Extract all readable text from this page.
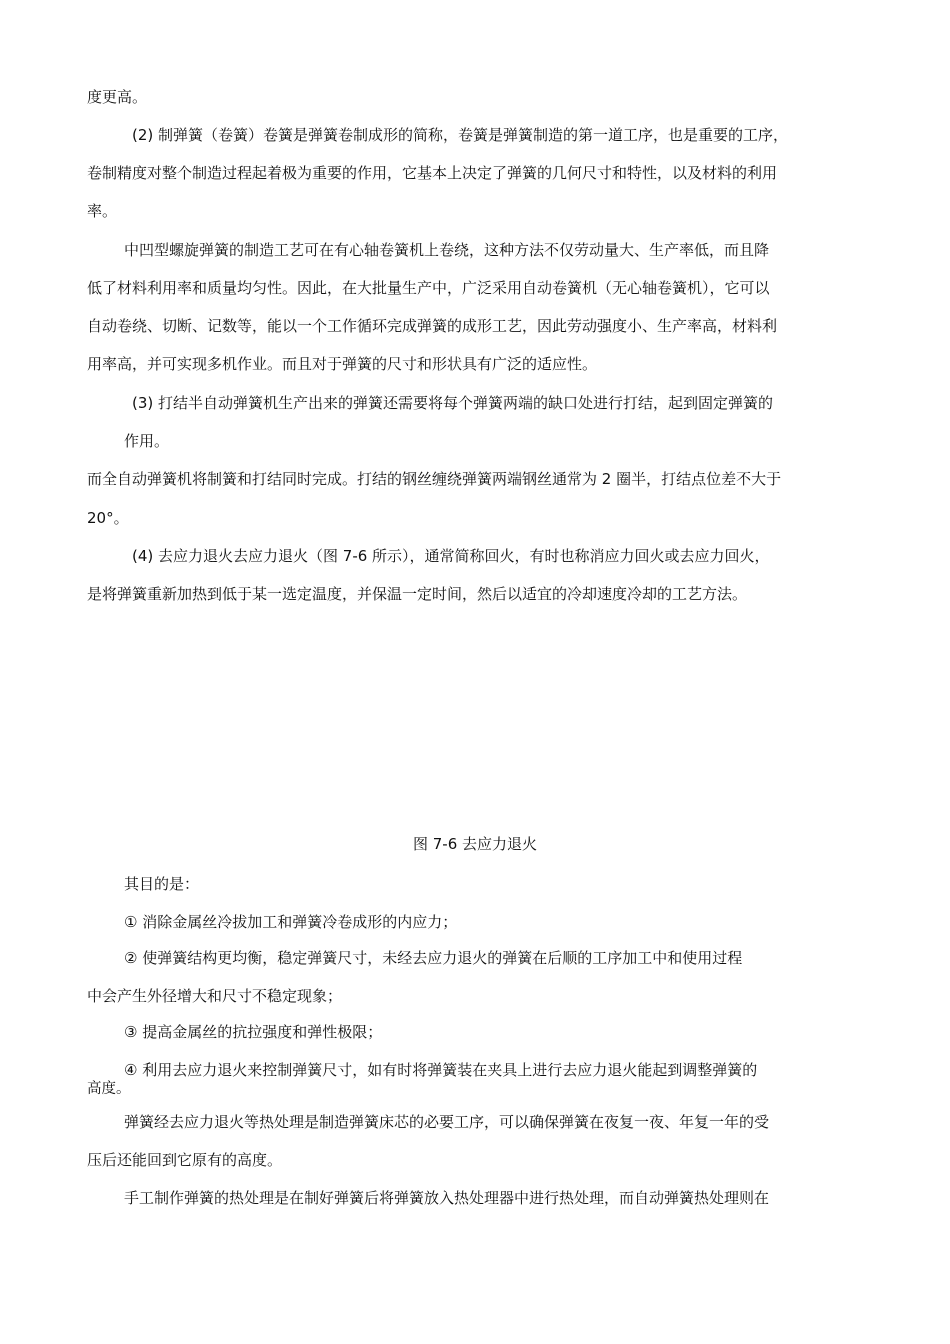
度更高。
(2) 制弹簧（卷簧）卷簧是弹簧卷制成形的简称，卷簧是弹簧制造的第一道工序，也是重要的工序，
卷制精度对整个制造过程起着极为重要的作用，它基本上决定了弹簧的几何尺寸和特性，以及材料的利用
率。
中凹型螺旋弹簧的制造工艺可在有心轴卷簧机上卷绕，这种方法不仅劳动量大、生产率低，而且降
低了材料利用率和质量均匀性。因此，在大批量生产中，广泛采用自动卷簧机（无心轴卷簧机），它可以
自动卷绕、切断、记数等，能以一个工作循环完成弹簧的成形工艺，因此劳动强度小、生产率高，材料利
用率高，并可实现多机作业。而且对于弹簧的尺寸和形状具有广泛的适应性。
(3) 打结半自动弹簧机生产出来的弹簧还需要将每个弹簧两端的缺口处进行打结，起到固定弹簧的
作用。
而全自动弹簧机将制簧和打结同时完成。打结的钢丝缠绕弹簧两端钢丝通常为 2 圈半，打结点位差不大于
20°。
(4) 去应力退火去应力退火（图 7-6 所示），通常简称回火，有时也称消应力回火或去应力回火，
是将弹簧重新加热到低于某一选定温度，并保温一定时间，然后以适宜的冷却速度冷却的工艺方法。
图 7-6 去应力退火
其目的是：
① 消除金属丝冷拔加工和弹簧冷卷成形的内应力；
② 使弹簧结构更均衡，稳定弹簧尺寸，未经去应力退火的弹簧在后顺的工序加工中和使用过程
中会产生外径增大和尺寸不稳定现象；
③ 提高金属丝的抗拉强度和弹性极限；
④ 利用去应力退火来控制弹簧尺寸，如有时将弹簧装在夹具上进行去应力退火能起到调整弹簧的
高度。
弹簧经去应力退火等热处理是制造弹簧床芯的必要工序，可以确保弹簧在夜复一夜、年复一年的受
压后还能回到它原有的高度。
手工制作弹簧的热处理是在制好弹簧后将弹簧放入热处理器中进行热处理，而自动弹簧热处理则在
